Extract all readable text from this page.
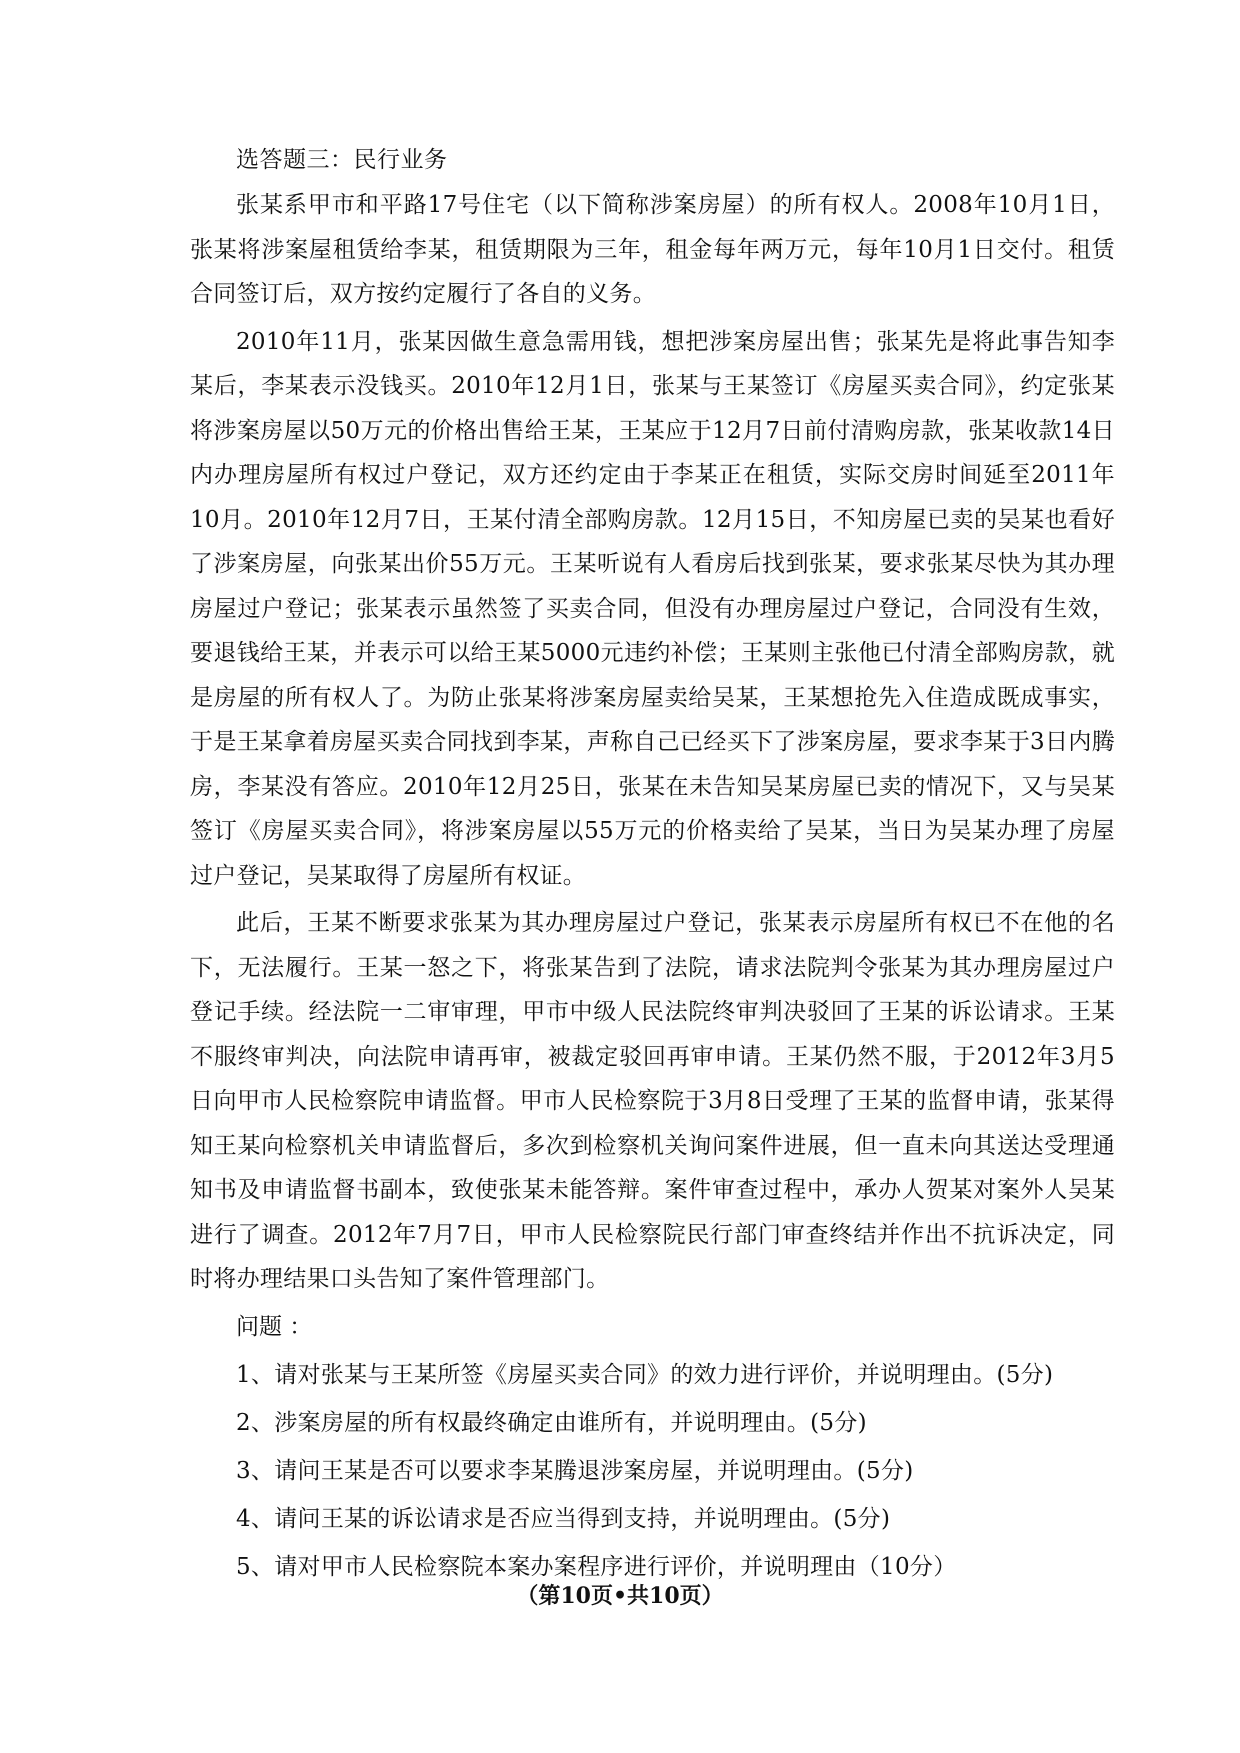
选答题三：民行业务

张某系甲市和平路17号住宅（以下简称涉案房屋）的所有权人。2008年10月1日，张某将涉案屋租赁给李某，租赁期限为三年，租金每年两万元，每年10月1日交付。租赁合同签订后，双方按约定履行了各自的义务。

2010年11月，张某因做生意急需用钱，想把涉案房屋出售；张某先是将此事告知李某后，李某表示没钱买。2010年12月1日，张某与王某签订《房屋买卖合同》，约定张某将涉案房屋以50万元的价格出售给王某，王某应于12月7日前付清购房款，张某收款14日内办理房屋所有权过户登记，双方还约定由于李某正在租赁，实际交房时间延至2011年10月。2010年12月7日，王某付清全部购房款。12月15日，不知房屋已卖的吴某也看好了涉案房屋，向张某出价55万元。王某听说有人看房后找到张某，要求张某尽快为其办理房屋过户登记；张某表示虽然签了买卖合同，但没有办理房屋过户登记，合同没有生效，要退钱给王某，并表示可以给王某5000元违约补偿；王某则主张他已付清全部购房款，就是房屋的所有权人了。为防止张某将涉案房屋卖给吴某，王某想抢先入住造成既成事实，于是王某拿着房屋买卖合同找到李某，声称自己已经买下了涉案房屋，要求李某于3日内腾房，李某没有答应。2010年12月25日，张某在未告知吴某房屋已卖的情况下，又与吴某签订《房屋买卖合同》，将涉案房屋以55万元的价格卖给了吴某，当日为吴某办理了房屋过户登记，吴某取得了房屋所有权证。

此后，王某不断要求张某为其办理房屋过户登记，张某表示房屋所有权已不在他的名下，无法履行。王某一怒之下，将张某告到了法院，请求法院判令张某为其办理房屋过户登记手续。经法院一二审审理，甲市中级人民法院终审判决驳回了王某的诉讼请求。王某不服终审判决，向法院申请再审，被裁定驳回再审申请。王某仍然不服，于2012年3月5日向甲市人民检察院申请监督。甲市人民检察院于3月8日受理了王某的监督申请，张某得知王某向检察机关申请监督后，多次到检察机关询问案件进展，但一直未向其送达受理通知书及申请监督书副本，致使张某未能答辩。案件审查过程中，承办人贺某对案外人吴某进行了调查。2012年7月7日，甲市人民检察院民行部门审查终结并作出不抗诉决定，同时将办理结果口头告知了案件管理部门。

问题 ：
1、请对张某与王某所签《房屋买卖合同》的效力进行评价，并说明理由。(5分)
2、涉案房屋的所有权最终确定由谁所有，并说明理由。(5分)
3、请问王某是否可以要求李某腾退涉案房屋，并说明理由。(5分)
4、请问王某的诉讼请求是否应当得到支持，并说明理由。(5分)
5、请对甲市人民检察院本案办案程序进行评价，并说明理由（10分）
（第10页•共10页）
